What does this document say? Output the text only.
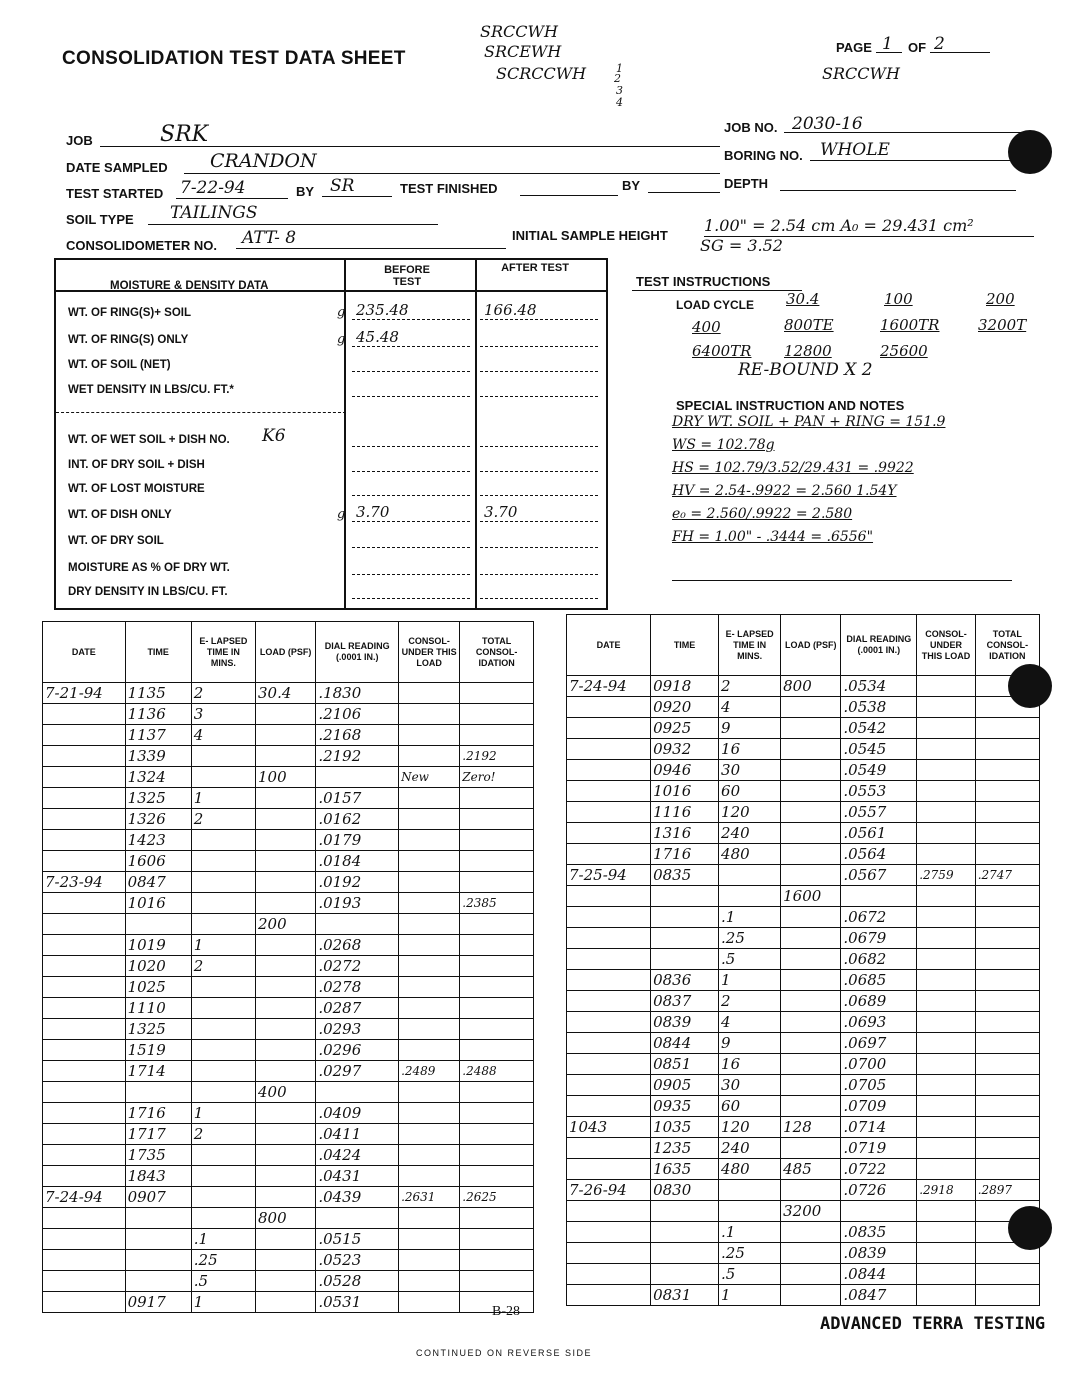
CONSOLIDATION TEST DATA SHEET
SRCCWH
SRCEWH
SCRCCWH	1
2
3
4
PAGE 1 OF 2
SRCCWH
JOB	SRK	JOB NO. 2030-16
DATE SAMPLED CRANDON	BORING NO. WHOLE
TEST STARTED 7-22-94	BY SR	TEST FINISHED	BY	DEPTH
SOIL TYPE TAILINGS
CONSOLIDOMETER NO. ATT- 8	INITIAL SAMPLE HEIGHT
1.00" = 2.54 cm A₀ = 29.431 cm²
SG = 3.52
MOISTURE & DENSITY DATA
BEFORE TEST
AFTER TEST
WT. OF RING(S)+ SOIL	235.48	166.48
g
WT. OF RING(S) ONLY	45.48
g
WT. OF SOIL (NET)
WET DENSITY IN LBS/CU. FT.*
WT. OF WET SOIL + DISH NO. K6
INT. OF DRY SOIL + DISH
WT. OF LOST MOISTURE
WT. OF DISH ONLY	3.70	3.70
g
WT. OF DRY SOIL
MOISTURE AS % OF DRY WT.
DRY DENSITY IN LBS/CU. FT.
TEST INSTRUCTIONS
LOAD CYCLE 30.4	100	200
400	800TE	1600TR	3200T
6400TR 12800	25600
RE-BOUND X 2
SPECIAL INSTRUCTION AND NOTES
DRY WT. SOIL + PAN + RING = 151.9
WS = 102.78g
HS = 102.79/3.52/29.431 = .9922
HV = 2.54-.9922 = 2.560 1.54Y
e₀ = 2.560/.9922 = 2.580
FH = 1.00" - .3444 = .6556"
DATE	TIME	E- LAPSED TIME IN MINS.	LOAD (PSF)	DIAL READING (.0001 IN.)	CONSOL- UNDER THIS LOAD	TOTAL CONSOL- IDATION
7-21-94	1135	2	30.4	.1830		
	1136	3		.2106		
	1137	4		.2168		
	1339			.2192		.2192
	1324		100		New	Zero!
	1325	1		.0157		
	1326	2		.0162		
	1423			.0179		
	1606			.0184		
7-23-94	0847			.0192		
	1016			.0193		.2385
			200			
	1019	1		.0268		
	1020	2		.0272		
	1025			.0278		
	1110			.0287		
	1325			.0293		
	1519			.0296		
	1714			.0297	.2489	.2488
			400			
	1716	1		.0409		
	1717	2		.0411		
	1735			.0424		
	1843			.0431		
7-24-94	0907			.0439	.2631	.2625
			800			
		.1		.0515		
		.25		.0523		
		.5		.0528		
	0917	1		.0531		
DATE	TIME	E- LAPSED TIME IN MINS.	LOAD (PSF)	DIAL READING (.0001 IN.)	CONSOL- UNDER THIS LOAD	TOTAL CONSOL- IDATION
7-24-94	0918	2	800	.0534		
	0920	4		.0538		
	0925	9		.0542		
	0932	16		.0545		
	0946	30		.0549		
	1016	60		.0553		
	1116	120		.0557		
	1316	240		.0561		
	1716	480		.0564		
7-25-94	0835			.0567	.2759	.2747
			1600			
		.1		.0672		
		.25		.0679		
		.5		.0682		
	0836	1		.0685		
	0837	2		.0689		
	0839	4		.0693		
	0844	9		.0697		
	0851	16		.0700		
	0905	30		.0705		
	0935	60		.0709		
1043	1035	120	128	.0714		
	1235	240		.0719		
	1635	480	485	.0722		
7-26-94	0830			.0726	.2918	.2897
			3200			
		.1		.0835		
		.25		.0839		
		.5		.0844		
	0831	1		.0847		
B-28
ADVANCED TERRA TESTING
CONTINUED ON REVERSE SIDE
